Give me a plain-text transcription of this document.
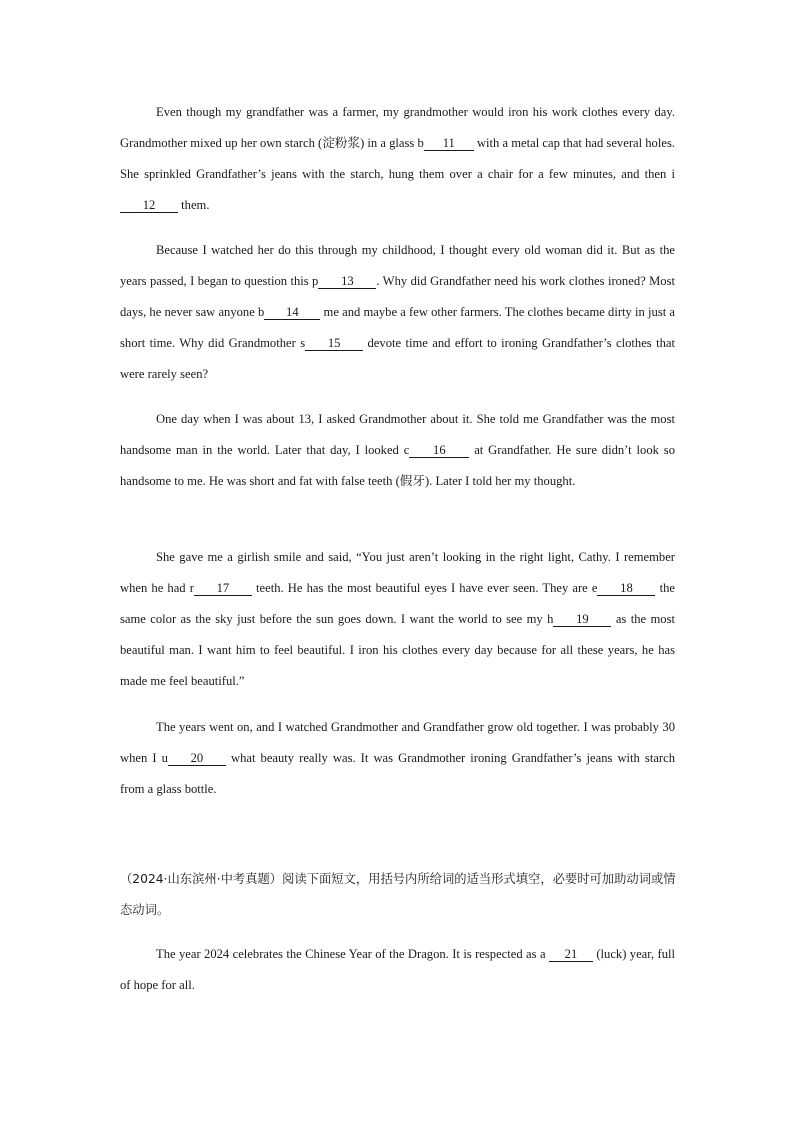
Even though my grandfather was a farmer, my grandmother would iron his work clothes every day. Grandmother mixed up her own starch (淀粉浆) in a glass b 11 with a metal cap that had several holes. She sprinkled Grandfather’s jeans with the starch, hung them over a chair for a few minutes, and then i12 them.

Because I watched her do this through my childhood, I thought every old woman did it. But as the years passed, I began to question this p 13 . Why did Grandfather need his work clothes ironed? Most days, he never saw anyone b 14 me and maybe a few other farmers. The clothes became dirty in just a short time. Why did Grandmother s 15 devote time and effort to ironing Grandfather’s clothes that were rarely seen?

One day when I was about 13, I asked Grandmother about it. She told me Grandfather was the most handsome man in the world. Later that day, I looked c 16 at Grandfather. He sure didn’t look so handsome to me. He was short and fat with false teeth (假牙). Later I told her my thought.

She gave me a girlish smile and said, “You just aren’t looking in the right light, Cathy. I remember when he had r 17 teeth. He has the most beautiful eyes I have ever seen. They are e 18 the same color as the sky just before the sun goes down. I want the world to see my h 19 as the most beautiful man. I want him to feel beautiful. I iron his clothes every day because for all these years, he has made me feel beautiful.”

The years went on, and I watched Grandmother and Grandfather grow old together. I was probably 30 when I u 20 what beauty really was. It was Grandmother ironing Grandfather’s jeans with starch from a glass bottle.

（2024·山东滨州·中考真题）阅读下面短文，用括号内所给词的适当形式填空，必要时可加助动词或情态动词。

The year 2024 celebrates the Chinese Year of the Dragon. It is respected as a 21 (luck) year, full of hope for all.
